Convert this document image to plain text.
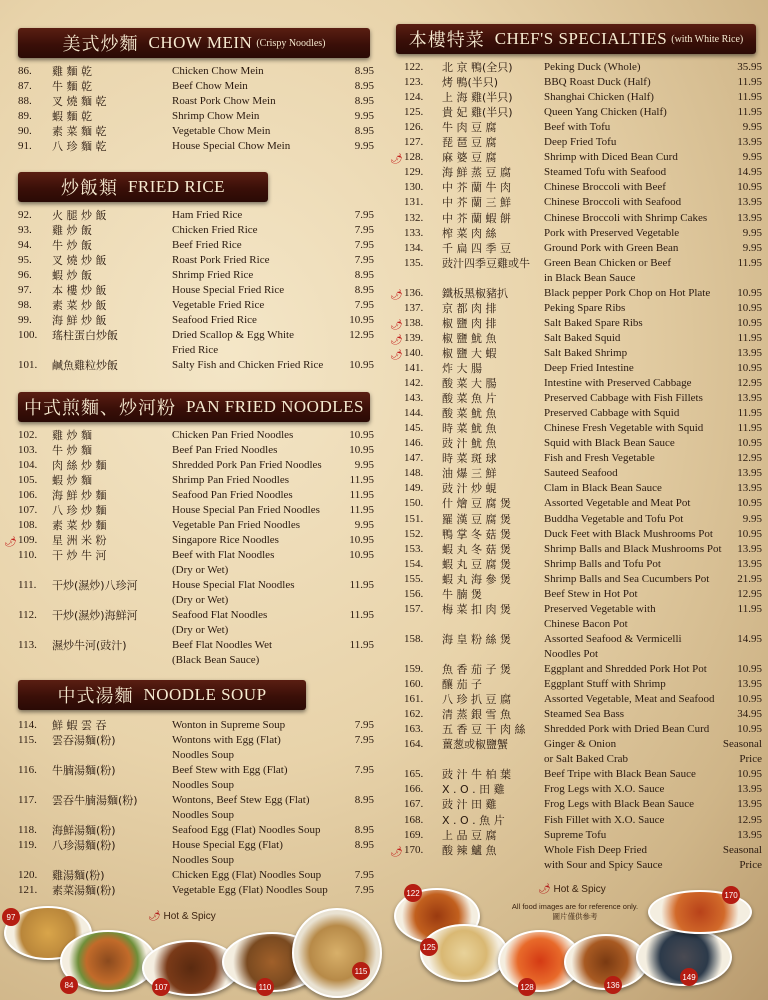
美式炒麵 CHOW MEIN (Crispy Noodles)
86.	雞 麵 乾	Chicken Chow Mein	8.95
87.	牛 麵 乾	Beef Chow Mein	8.95
88.	叉 燒 麵 乾	Roast Pork Chow Mein	8.95
89.	蝦 麵 乾	Shrimp Chow Mein	9.95
90.	素 菜 麵 乾	Vegetable Chow Mein	8.95
91.	八 珍 麵 乾	House Special Chow Mein	9.95
炒飯類 FRIED RICE
92.	火 腿 炒 飯	Ham Fried Rice	7.95
93.	雞 炒 飯	Chicken Fried Rice	7.95
94.	牛 炒 飯	Beef Fried Rice	7.95
95.	叉 燒 炒 飯	Roast Pork Fried Rice	7.95
96.	蝦 炒 飯	Shrimp Fried Rice	8.95
97.	本 樓 炒 飯	House Special Fried Rice	8.95
98.	素 菜 炒 飯	Vegetable Fried Rice	7.95
99.	海 鮮 炒 飯	Seafood Fried Rice	10.95
100.	瑤柱蛋白炒飯	Dried Scallop & Egg White	12.95
Fried Rice
101.	鹹魚雞粒炒飯	Salty Fish and Chicken Fried Rice	10.95
中式煎麵、炒河粉 PAN FRIED NOODLES
102.	雞 炒 麵	Chicken Pan Fried Noodles	10.95
103.	牛 炒 麵	Beef Pan Fried Noodles	10.95
104.	肉 絲 炒 麵	Shredded Pork Pan Fried Noodles	9.95
105.	蝦 炒 麵	Shrimp Pan Fried Noodles	11.95
106.	海 鮮 炒 麵	Seafood Pan Fried Noodles	11.95
107.	八 珍 炒 麵	House Special Pan Fried Noodles	11.95
108.	素 菜 炒 麵	Vegetable Pan Fried Noodles	9.95
🌶 109.	星 洲 米 粉	Singapore Rice Noodles	10.95
110.	干 炒 牛 河	Beef with Flat Noodles	10.95
(Dry or Wet)
111.	干炒(濕炒)八珍河	House Special Flat Noodles	11.95
(Dry or Wet)
112.	干炒(濕炒)海鮮河	Seafood Flat Noodles	11.95
(Dry or Wet)
113.	濕炒牛河(豉汁)	Beef Flat Noodles Wet	11.95
(Black Bean Sauce)
中式湯麵 NOODLE SOUP
114.	鮮 蝦 雲 吞	Wonton in Supreme Soup	7.95
115.	雲吞湯麵(粉)	Wontons with Egg (Flat)	7.95
Noodles Soup
116.	牛腩湯麵(粉)	Beef Stew with Egg (Flat)	7.95
Noodles Soup
117.	雲吞牛腩湯麵(粉)	Wontons, Beef Stew Egg (Flat)	8.95
Noodles Soup
118.	海鮮湯麵(粉)	Seafood Egg (Flat) Noodles Soup	8.95
119.	八珍湯麵(粉)	House Special Egg (Flat)	8.95
Noodles Soup
120.	雞湯麵(粉)	Chicken Egg (Flat) Noodles Soup	7.95
121.	素菜湯麵(粉)	Vegetable Egg (Flat) Noodles Soup	7.95
本樓特菜 CHEF'S SPECIALTIES (with White Rice)
122.	北 京 鴨(全只)	Peking Duck (Whole)	35.95
123.	烤 鴨(半只)	BBQ Roast Duck (Half)	11.95
124.	上 海 雞(半只)	Shanghai Chicken (Half)	11.95
125.	貴 妃 雞(半只)	Queen Yang Chicken (Half)	11.95
126.	牛 肉 豆 腐	Beef with Tofu	9.95
127.	琵 琶 豆 腐	Deep Fried Tofu	13.95
🌶 128.	麻 婆 豆 腐	Shrimp with Diced Bean Curd	9.95
129.	海 鮮 蒸 豆 腐	Steamed Tofu with Seafood	14.95
130.	中 芥 蘭 牛 肉	Chinese Broccoli with Beef	10.95
131.	中 芥 蘭 三 鮮	Chinese Broccoli with Seafood	13.95
132.	中 芥 蘭 蝦 餅	Chinese Broccoli with Shrimp Cakes	13.95
133.	榨 菜 肉 絲	Pork with Preserved Vegetable	9.95
134.	千 扁 四 季 豆	Ground Pork with Green Bean	9.95
135.	豉汁四季豆雞或牛	Green Bean Chicken or Beef	11.95
in Black Bean Sauce
🌶 136.	鐵板黑椒豬扒	Black pepper Pork Chop on Hot Plate	10.95
137.	京 都 肉 排	Peking Spare Ribs	10.95
🌶 138.	椒 鹽 肉 排	Salt Baked Spare Ribs	10.95
🌶 139.	椒 鹽 魷 魚	Salt Baked Squid	11.95
🌶 140.	椒 鹽 大 蝦	Salt Baked Shrimp	13.95
141.	炸 大 腸	Deep Fried Intestine	10.95
142.	酸 菜 大 腸	Intestine with Preserved Cabbage	12.95
143.	酸 菜 魚 片	Preserved Cabbage with Fish Fillets	13.95
144.	酸 菜 魷 魚	Preserved Cabbage with Squid	11.95
145.	時 菜 魷 魚	Chinese Fresh Vegetable with Squid	11.95
146.	豉 汁 魷 魚	Squid with Black Bean Sauce	10.95
147.	時 菜 斑 球	Fish and Fresh Vegetable	12.95
148.	油 爆 三 鮮	Sauteed Seafood	13.95
149.	豉 汁 炒 蜆	Clam in Black Bean Sauce	13.95
150.	什 燴 豆 腐 煲	Assorted Vegetable and Meat Pot	10.95
151.	羅 漢 豆 腐 煲	Buddha Vegetable and Tofu Pot	9.95
152.	鴨 掌 冬 菇 煲	Duck Feet with Black Mushrooms Pot	10.95
153.	蝦 丸 冬 菇 煲	Shrimp Balls and Black Mushrooms Pot	13.95
154.	蝦 丸 豆 腐 煲	Shrimp Balls and Tofu Pot	13.95
155.	蝦 丸 海 參 煲	Shrimp Balls and Sea Cucumbers Pot	21.95
156.	牛 腩 煲	Beef Stew in Hot Pot	12.95
157.	梅 菜 扣 肉 煲	Preserved Vegetable with	11.95
Chinese Bacon Pot
158.	海 皇 粉 絲 煲	Assorted Seafood & Vermicelli	14.95
Noodles Pot
159.	魚 香 茄 子 煲	Eggplant and Shredded Pork Hot Pot	10.95
160.	釀 茄 子	Eggplant Stuff with Shrimp	13.95
161.	八 珍 扒 豆 腐	Assorted Vegetable, Meat and Seafood	10.95
162.	清 蒸 銀 雪 魚	Steamed Sea Bass	34.95
163.	五 香 豆 干 肉 絲	Shredded Pork with Dried Bean Curd	10.95
164.	薑葱或椒鹽蟹	Ginger & Onion	Seasonal Price
or Salt Baked Crab
165.	豉 汁 牛 柏 葉	Beef Tripe with Black Bean Sauce	10.95
166.	X . O . 田 雞	Frog Legs with X.O. Sauce	13.95
167.	豉 汁 田 雞	Frog Legs with Black Bean Sauce	13.95
168.	X . O . 魚 片	Fish Fillet with X.O. Sauce	12.95
169.	上 品 豆 腐	Supreme Tofu	13.95
🌶 170.	酸 辣 鱸 魚	Whole Fish Deep Fried	Seasonal Price
with Sour and Spicy Sauce
97
84	107	110
115
122
125
128	136
149
170
🌶 Hot & Spicy
🌶 Hot & Spicy
All food images are for reference only.
圖片僅供參考
